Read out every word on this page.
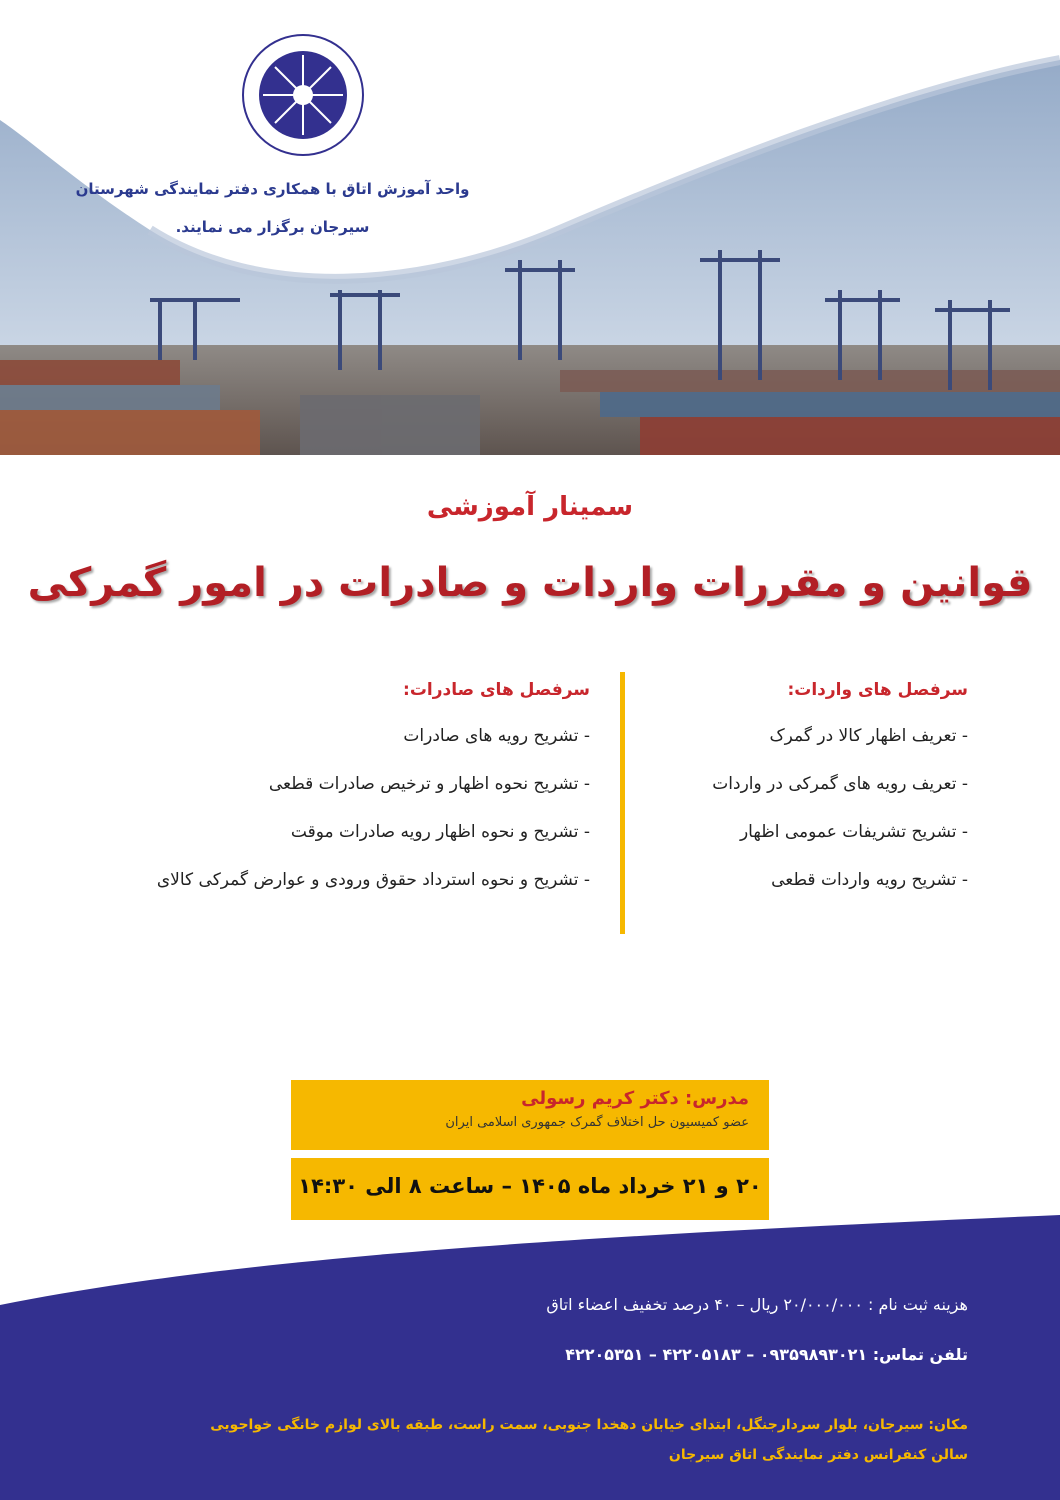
واحد آموزش اتاق با همکاری دفتر نمایندگی شهرستان
سیرجان برگزار می نمایند.
سمینار آموزشی
قوانین و مقررات واردات و صادرات در امور گمرکی
سرفصل های واردات:
- تعریف اظهار کالا در گمرک
- تعریف رویه های گمرکی در واردات
- تشریح تشریفات عمومی اظهار
- تشریح رویه واردات قطعی
سرفصل های صادرات:
- تشریح رویه های صادرات
- تشریح نحوه اظهار و ترخیص صادرات قطعی
- تشریح و نحوه اظهار رویه صادرات موقت
- تشریح و نحوه استرداد حقوق ورودی و عوارض گمرکی کالای
مدرس: دکتر کریم رسولی
عضو کمیسیون حل اختلاف گمرک جمهوری اسلامی ایران
۲۰ و ۲۱ خرداد ماه ۱۴۰۵ – ساعت ۸ الی ۱۴:۳۰
هزینه ثبت نام : ۲۰/۰۰۰/۰۰۰ ریال – ۴۰ درصد تخفیف اعضاء اتاق
تلفن تماس: ۰۹۳۵۹۸۹۳۰۲۱ – ۴۲۲۰۵۱۸۳ – ۴۲۲۰۵۳۵۱
مکان: سیرجان، بلوار سردارجنگل، ابتدای خیابان دهخدا جنوبی، سمت راست، طبقه بالای لوازم خانگی خواجویی
سالن کنفرانس دفتر نمایندگی اتاق سیرجان
